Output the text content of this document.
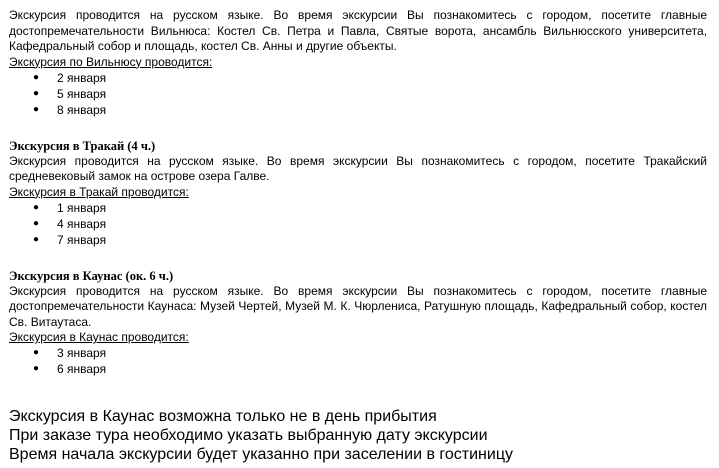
Экскурсия проводится на русском языке. Во время экскурсии Вы познакомитесь с городом, посетите главные достопремечательности Вильнюса: Костел Св. Петра и Павла, Святые ворота, ансамбль Вильнюсского университета, Кафедральный собор и площадь, костел Св. Анны и другие объекты.

Экскурсия по Вильнюсу проводится:

● 2 января
● 5 января
● 8 января

Экскурсия в Тракай (4 ч.)

Экскурсия проводится на русском языке. Во время экскурсии Вы познакомитесь с городом, посетите Тракайский средневековый замок на острове озера Галве.

Экскурсия в Тракай проводится:

● 1 января
● 4 января
● 7 января

Экскурсия в Каунас (ок. 6 ч.)

Экскурсия проводится на русском языке. Во время экскурсии Вы познакомитесь с городом, посетите главные достопремечательности Каунаса: Музей Чертей, Музей М. К. Чюрлениса, Ратушную площадь, Кафедральный собор, костел Св. Витаутаса.

Экскурсия в Каунас проводится:

● 3 января
● 6 января

Экскурсия в Каунас возможна только не в день прибытия

При заказе тура необходимо указать выбранную дату экскурсии

Время начала экскурсии будет указанно при заселении в гостиницу
